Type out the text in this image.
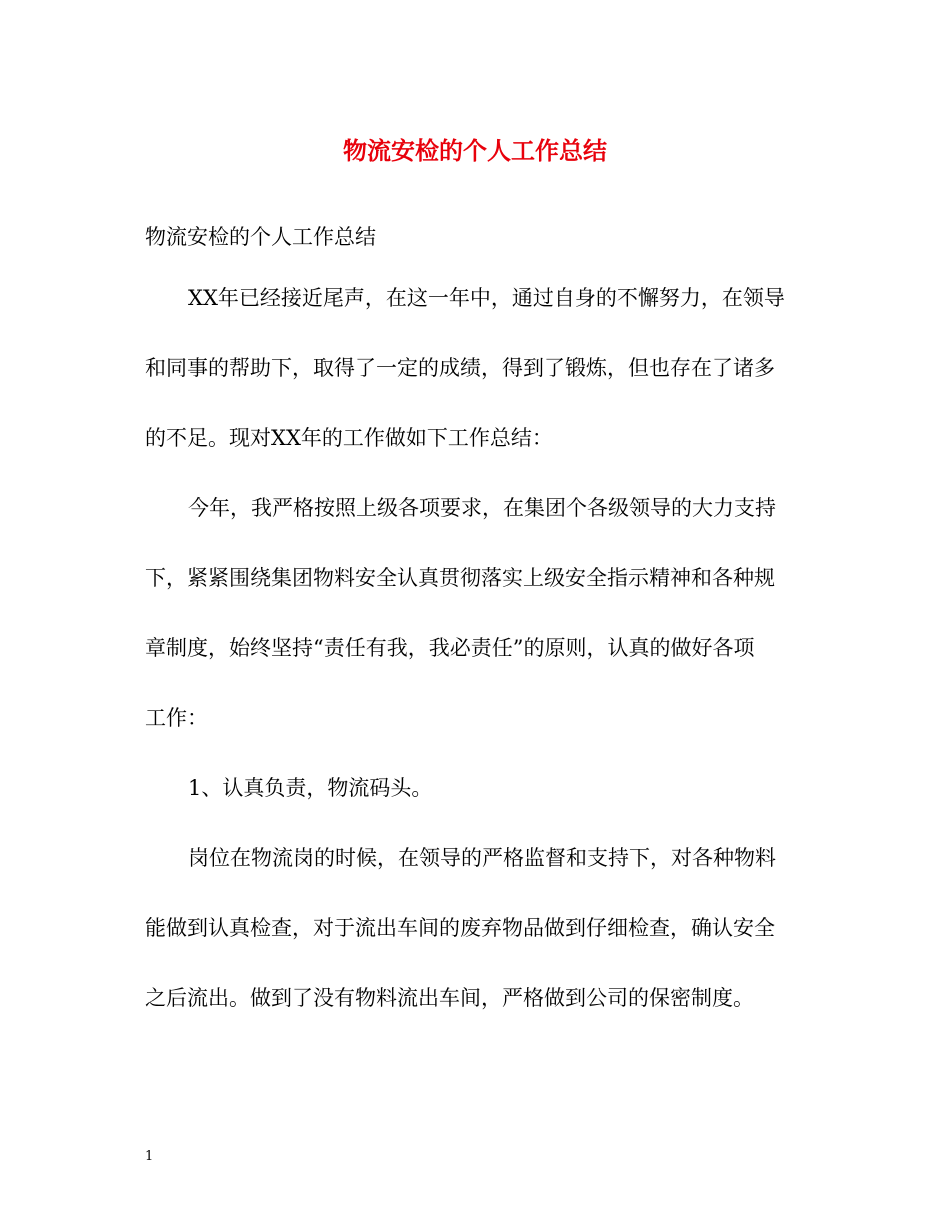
物流安检的个人工作总结
物流安检的个人工作总结
XX年已经接近尾声，在这一年中，通过自身的不懈努力，在领导
和同事的帮助下，取得了一定的成绩，得到了锻炼，但也存在了诸多
的不足。现对XX年的工作做如下工作总结：
今年，我严格按照上级各项要求，在集团个各级领导的大力支持
下，紧紧围绕集团物料安全认真贯彻落实上级安全指示精神和各种规
章制度，始终坚持“责任有我，我必责任”的原则，认真的做好各项
工作：
1、认真负责，物流码头。
岗位在物流岗的时候，在领导的严格监督和支持下，对各种物料
能做到认真检查，对于流出车间的废弃物品做到仔细检查，确认安全
之后流出。做到了没有物料流出车间，严格做到公司的保密制度。
1
